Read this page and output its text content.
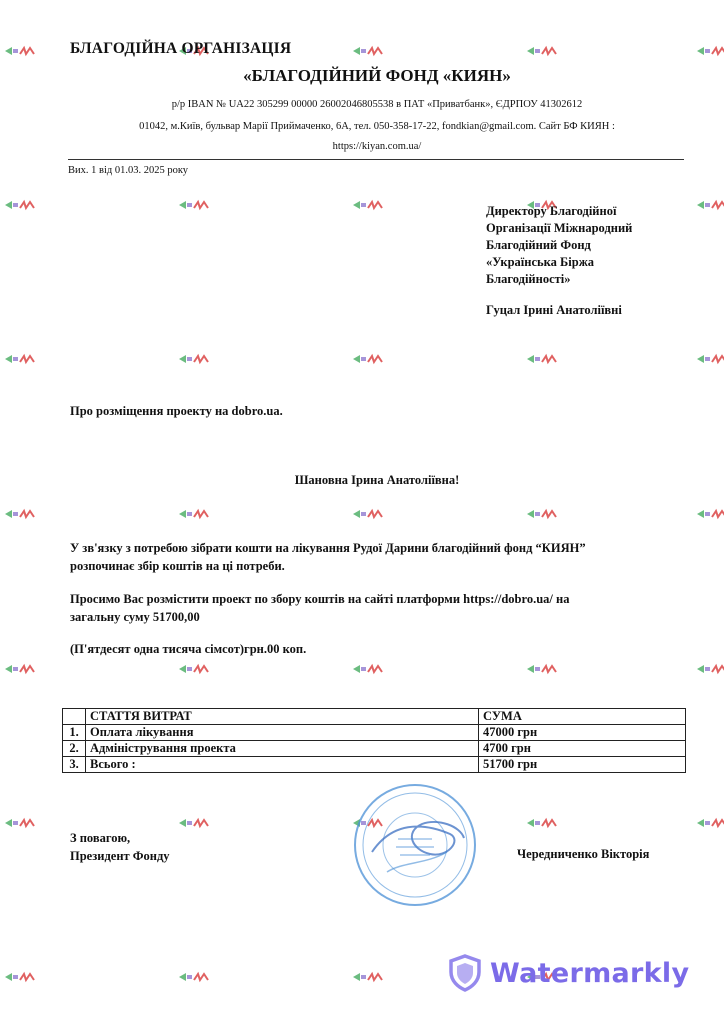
БЛАГОДІЙНА ОРГАНІЗАЦІЯ
«БЛАГОДІЙНИЙ ФОНД «КИЯН»
р/р IBAN № UA22 305299 00000 26002046805538 в ПАТ «Приватбанк», ЄДРПОУ 41302612
01042, м.Київ, бульвар Марії Приймаченко, 6А, тел. 050-358-17-22, fondkian@gmail.com. Сайт БФ КИЯН :
https://kiyan.com.ua/
Вих. 1 від 01.03. 2025 року
Директору Благодійної
Організації Міжнародний
Благодійний Фонд
«Українська Біржа
Благодійності»
Гуцал Ірині Анатоліївні
Про розміщення проекту на dobro.ua.
Шановна Ірина Анатоліївна!
У зв'язку з потребою зібрати кошти на лікування Рудої Дарини благодійний фонд “КИЯН”
розпочинає збір коштів на ці потреби.
Просимо Вас розмістити проект по збору коштів на сайті платформи https://dobro.ua/ на
загальну суму 51700,00
(П'ятдесят одна тисяча сімсот)грн.00 коп.
	СТАТТЯ ВИТРАТ	СУМА
1.	Оплата лікування	47000 грн
2.	Адміністрування проекта	4700 грн
3.	Всього :	51700 грн
З повагою,
Президент Фонду	Чередниченко Вікторія
Watermarkly
